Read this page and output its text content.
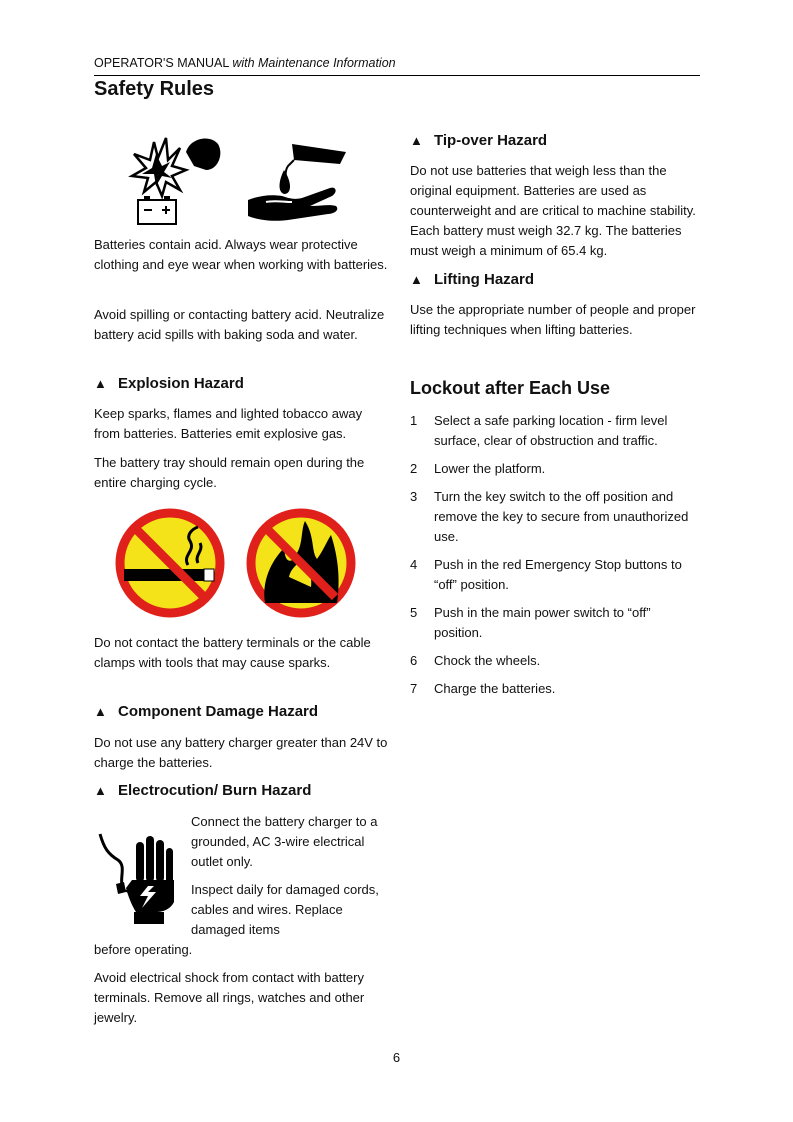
OPERATOR'S MANUAL with Maintenance Information
Safety Rules

Batteries contain acid. Always wear protective clothing and eye wear when working with batteries.

Avoid spilling or contacting battery acid. Neutralize battery acid spills with baking soda and water.

▲ Explosion Hazard

Keep sparks, flames and lighted tobacco away from batteries. Batteries emit explosive gas.

The battery tray should remain open during the entire charging cycle.

Do not contact the battery terminals or the cable clamps with tools that may cause sparks.

▲ Component Damage Hazard

Do not use any battery charger greater than 24V to charge the batteries.

▲ Electrocution/ Burn Hazard

Connect the battery charger to a grounded, AC 3-wire electrical outlet only.

Inspect daily for damaged cords, cables and wires. Replace damaged items

before operating.

Avoid electrical shock from contact with battery terminals. Remove all rings, watches and other jewelry.

▲ Tip-over Hazard

Do not use batteries that weigh less than the original equipment. Batteries are used as counterweight and are critical to machine stability. Each battery must weigh 32.7 kg. The batteries must weigh a minimum of 65.4 kg.

▲ Lifting Hazard

Use the appropriate number of people and proper lifting techniques when lifting batteries.

Lockout after Each Use
1 Select a safe parking location - firm level surface, clear of obstruction and traffic.
2 Lower the platform.
3 Turn the key switch to the off position and remove the key to secure from unauthorized use.
4 Push in the red Emergency Stop buttons to “off” position.
5 Push in the main power switch to “off” position.
6 Chock the wheels.
7 Charge the batteries.
6
